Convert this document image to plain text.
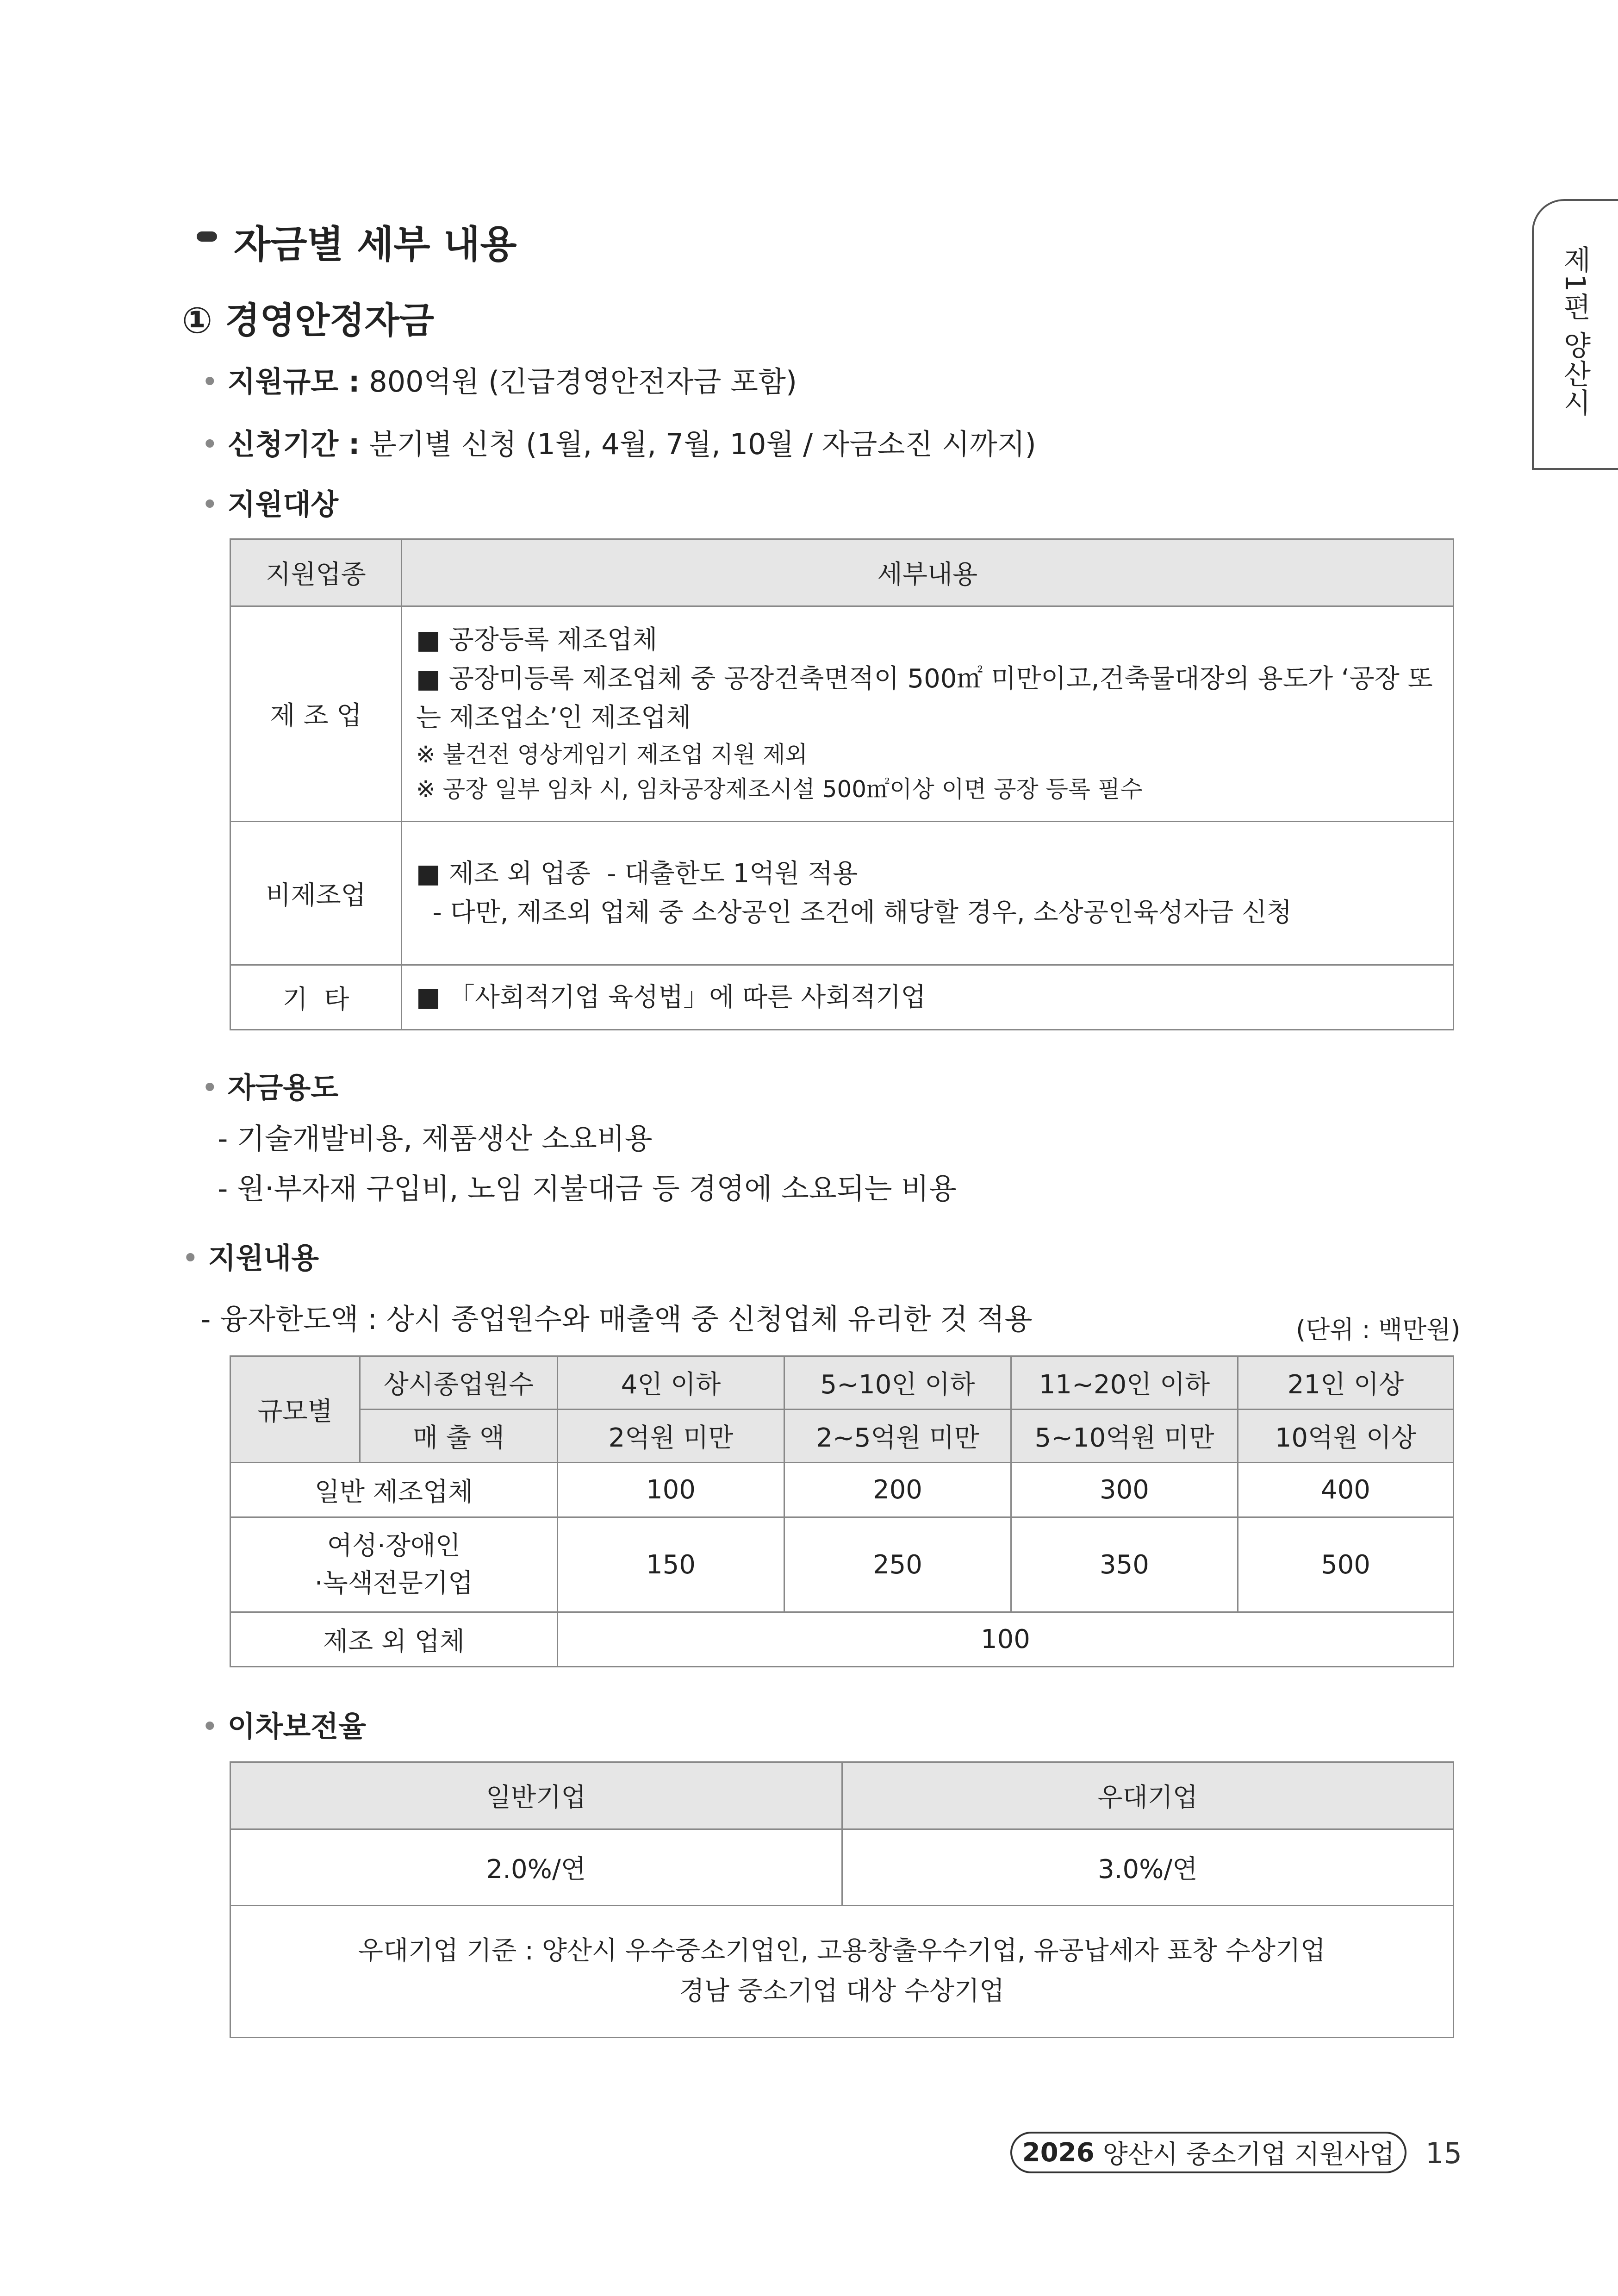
제1편 양산시
자금별 세부 내용
① 경영안정자금
• 지원규모 : 800억원 (긴급경영안전자금 포함)
• 신청기간 : 분기별 신청 (1월, 4월, 7월, 10월 / 자금소진 시까지)
• 지원대상
지원업종	세부내용
제 조 업	■ 공장등록 제조업체
■ 공장미등록 제조업체 중 공장건축면적이 500㎡ 미만이고,건축물대장의 용도가 ‘공장 또는 제조업소’인 제조업체
※ 불건전 영상게임기 제조업 지원 제외
※ 공장 일부 임차 시, 임차공장제조시설 500㎡이상 이면 공장 등록 필수

비제조업	■ 제조 외 업종  - 대출한도 1억원 적용
- 다만, 제조외 업체 중 소상공인 조건에 해당할 경우, 소상공인육성자금 신청

기  타	■ 「사회적기업 육성법」에 따른 사회적기업
• 자금용도
- 기술개발비용, 제품생산 소요비용
- 원·부자재 구입비, 노임 지불대금 등 경영에 소요되는 비용
• 지원내용
- 융자한도액 : 상시 종업원수와 매출액 중 신청업체 유리한 것 적용	(단위 : 백만원)
규모별	상시종업원수	4인 이하	5~10인 이하	11~20인 이하	21인 이상
	매 출 액	2억원 미만	2~5억원 미만	5~10억원 미만	10억원 이상
일반 제조업체		100	200	300	400

여성·장애인
·녹색전문기업		150	250	350	500
제조 외 업체		100			
• 이차보전율
일반기업	우대기업
2.0%/연	3.0%/연

우대기업 기준 : 양산시 우수중소기업인, 고용창출우수기업, 유공납세자 표창 수상기업
경남 중소기업 대상 수상기업	
2026 양산시 중소기업 지원사업 15
